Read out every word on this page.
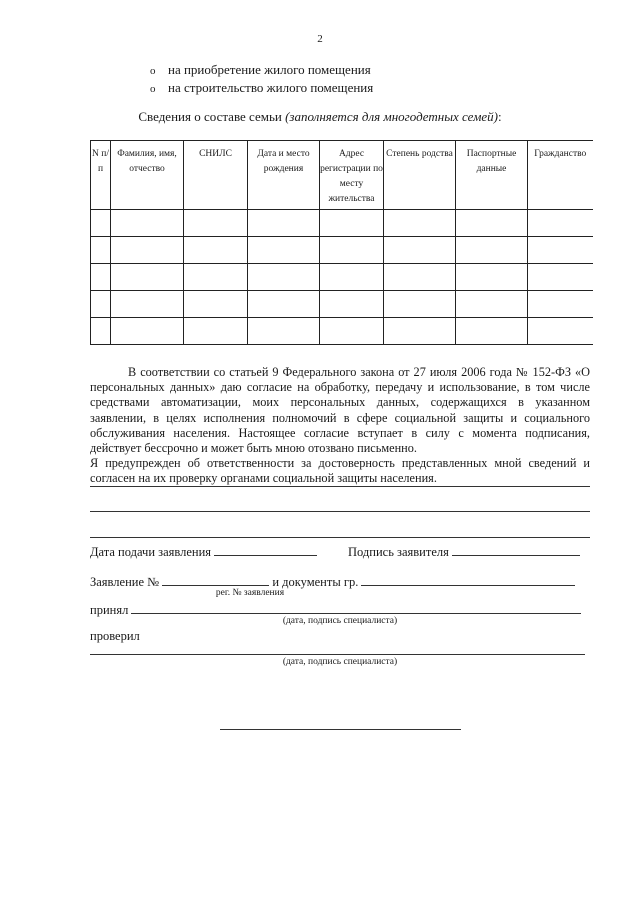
2
o на приобретение жилого помещения
o на строительство жилого помещения
Сведения о составе семьи (заполняется для многодетных семей):
N п/ п	Фамилия, имя, отчество	СНИЛС	Дата и место рождения	Адрес регистрации по месту жительства	Степень родства	Паспортные данные	Гражданство

В соответствии со статьей 9 Федерального закона от 27 июля 2006 года № 152-ФЗ «О персональных данных» даю согласие на обработку, передачу и использование, в том числе средствами автоматизации, моих персональных данных, содержащихся в указанном заявлении, в целях исполнения полномочий в сфере социальной защиты и социального обслуживания населения. Настоящее согласие вступает в силу с момента подписания, действует бессрочно и может быть мною отозвано письменно.

Я предупрежден об ответственности за достоверность представленных мной сведений и согласен на их проверку органами социальной защиты населения.

Дата подачи заявления	Подпись заявителя
Заявление №	и документы гр.
рег. № заявления
принял
(дата, подпись специалиста)
проверил
(дата, подпись специалиста)
